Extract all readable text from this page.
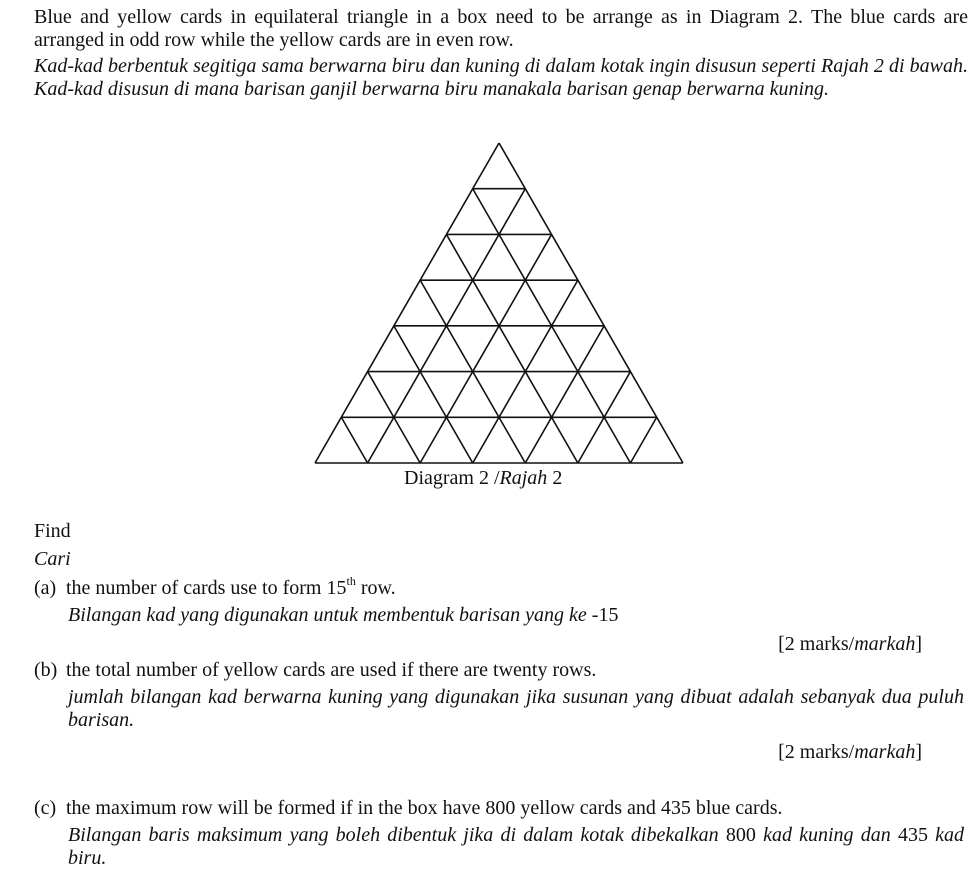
Blue and yellow cards in equilateral triangle in a box need to be arrange as in Diagram 2. The blue cards are arranged in odd row while the yellow cards are in even row.

Kad-kad berbentuk segitiga sama berwarna biru dan kuning di dalam kotak ingin disusun seperti Rajah 2 di bawah. Kad-kad disusun di mana barisan ganjil berwarna biru manakala barisan genap berwarna kuning.

Diagram 2 /Rajah 2
Find
Cari
(a) the number of cards use to form 15th row.

Bilangan kad yang digunakan untuk membentuk barisan yang ke -15

[2 marks/markah]
(b) the total number of yellow cards are used if there are twenty rows.

jumlah bilangan kad berwarna kuning yang digunakan jika susunan yang dibuat adalah sebanyak dua puluh barisan.

[2 marks/markah]
(c) the maximum row will be formed if in the box have 800 yellow cards and 435 blue cards.

Bilangan baris maksimum yang boleh dibentuk jika di dalam kotak dibekalkan 800 kad kuning dan 435 kad biru.
